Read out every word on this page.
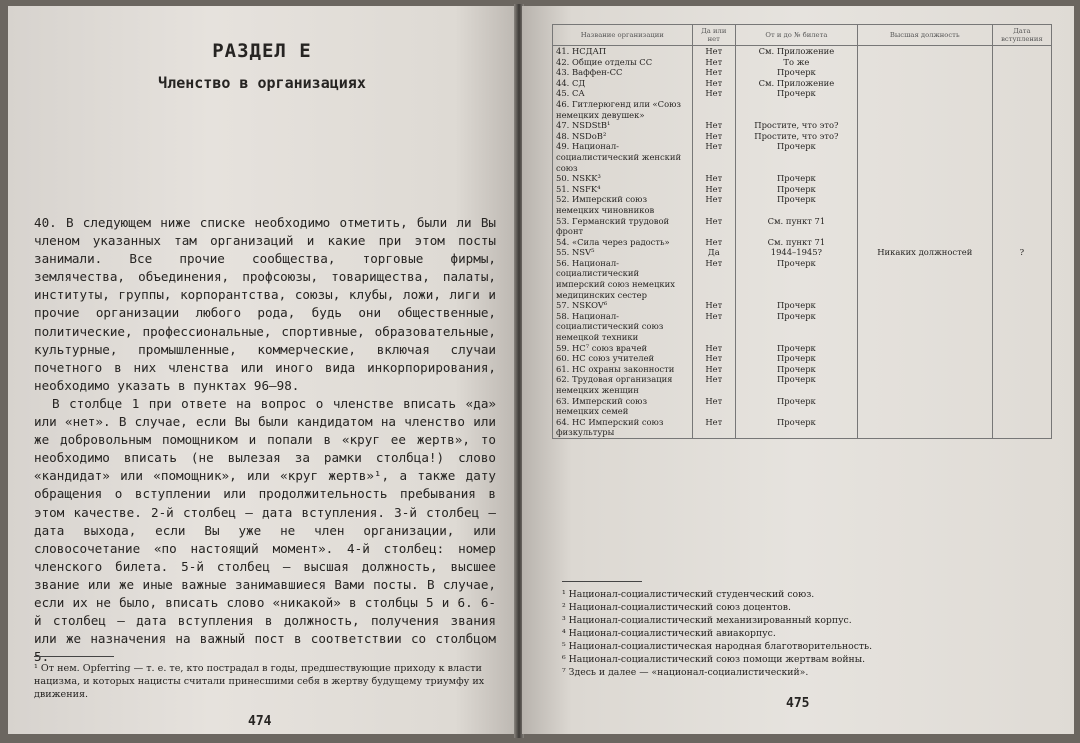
РАЗДЕЛ Е
Членство в организациях

40. В следующем ниже списке необходимо отметить, были ли Вы членом указанных там организаций и какие при этом посты занимали. Все прочие сообщества, торговые фирмы, землячества, объединения, профсоюзы, товарищества, палаты, институты, группы, корпорантства, союзы, клубы, ложи, лиги и прочие организации любого рода, будь они общественные, политические, профессиональные, спортивные, образовательные, культурные, промышленные, коммерческие, включая случаи почетного в них членства или иного вида инкорпорирования, необходимо указать в пунктах 96–98.

В столбце 1 при ответе на вопрос о членстве вписать «да» или «нет». В случае, если Вы были кандидатом на членство или же добровольным помощником и попали в «круг ее жертв», то необходимо вписать (не вылезая за рамки столбца!) слово «кандидат» или «помощник», или «круг жертв»¹, а также дату обращения о вступлении или продолжительность пребывания в этом качестве. 2-й столбец — дата вступления. 3-й столбец — дата выхода, если Вы уже не член организации, или словосочетание «по настоящий момент». 4-й столбец: номер членского билета. 5-й столбец — высшая должность, высшее звание или же иные важные занимавшиеся Вами посты. В случае, если их не было, вписать слово «никакой» в столбцы 5 и 6. 6-й столбец — дата вступления в должность, получения звания или же назначения на важный пост в соответствии со столбцом 5.

¹ От нем. Opferring — т. е. те, кто пострадал в годы, предшествующие приходу к власти нацизма, и которых нацисты считали принесшими себя в жертву будущему триумфу их движения.
474
Название организации	Да или нет	От и до № билета	Высшая должность	Дата вступления
41. НСДАП	Нет	См. Приложение		
42. Общие отделы СС	Нет	То же		
43. Ваффен-СС	Нет	Прочерк		
44. СД	Нет	См. Приложение		
45. СА	Нет	Прочерк		
46. Гитлерюгенд или «Союз немецких девушек»				
47. NSDStB¹	Нет	Простите, что это?		
48. NSDoB²	Нет	Простите, что это?		
49. Национал-социалистический женский союз	Нет	Прочерк		
50. NSKK³	Нет	Прочерк		
51. NSFK⁴	Нет	Прочерк		
52. Имперский союз немецких чиновников	Нет	Прочерк		
53. Германский трудовой фронт	Нет	См. пункт 71		
54. «Сила через радость»	Нет	См. пункт 71		
55. NSV⁵	Да	1944–1945?	Никаких должностей	?
56. Национал-социалистический имперский союз немецких медицинских сестер	Нет	Прочерк		
57. NSKOV⁶	Нет	Прочерк		
58. Национал-социалистический союз немецкой техники	Нет	Прочерк		
59. НС⁷ союз врачей	Нет	Прочерк		
60. НС союз учителей	Нет	Прочерк		
61. НС охраны законности	Нет	Прочерк		
62. Трудовая организация немецких женщин	Нет	Прочерк		
63. Имперский союз немецких семей	Нет	Прочерк		
64. НС Имперский союз физкультуры	Нет	Прочерк		
¹ Национал-социалистический студенческий союз.
² Национал-социалистический союз доцентов.
³ Национал-социалистический механизированный корпус.
⁴ Национал-социалистический авиакорпус.
⁵ Национал-социалистическая народная благотворительность.
⁶ Национал-социалистический союз помощи жертвам войны.
⁷ Здесь и далее — «национал-социалистический».
475
